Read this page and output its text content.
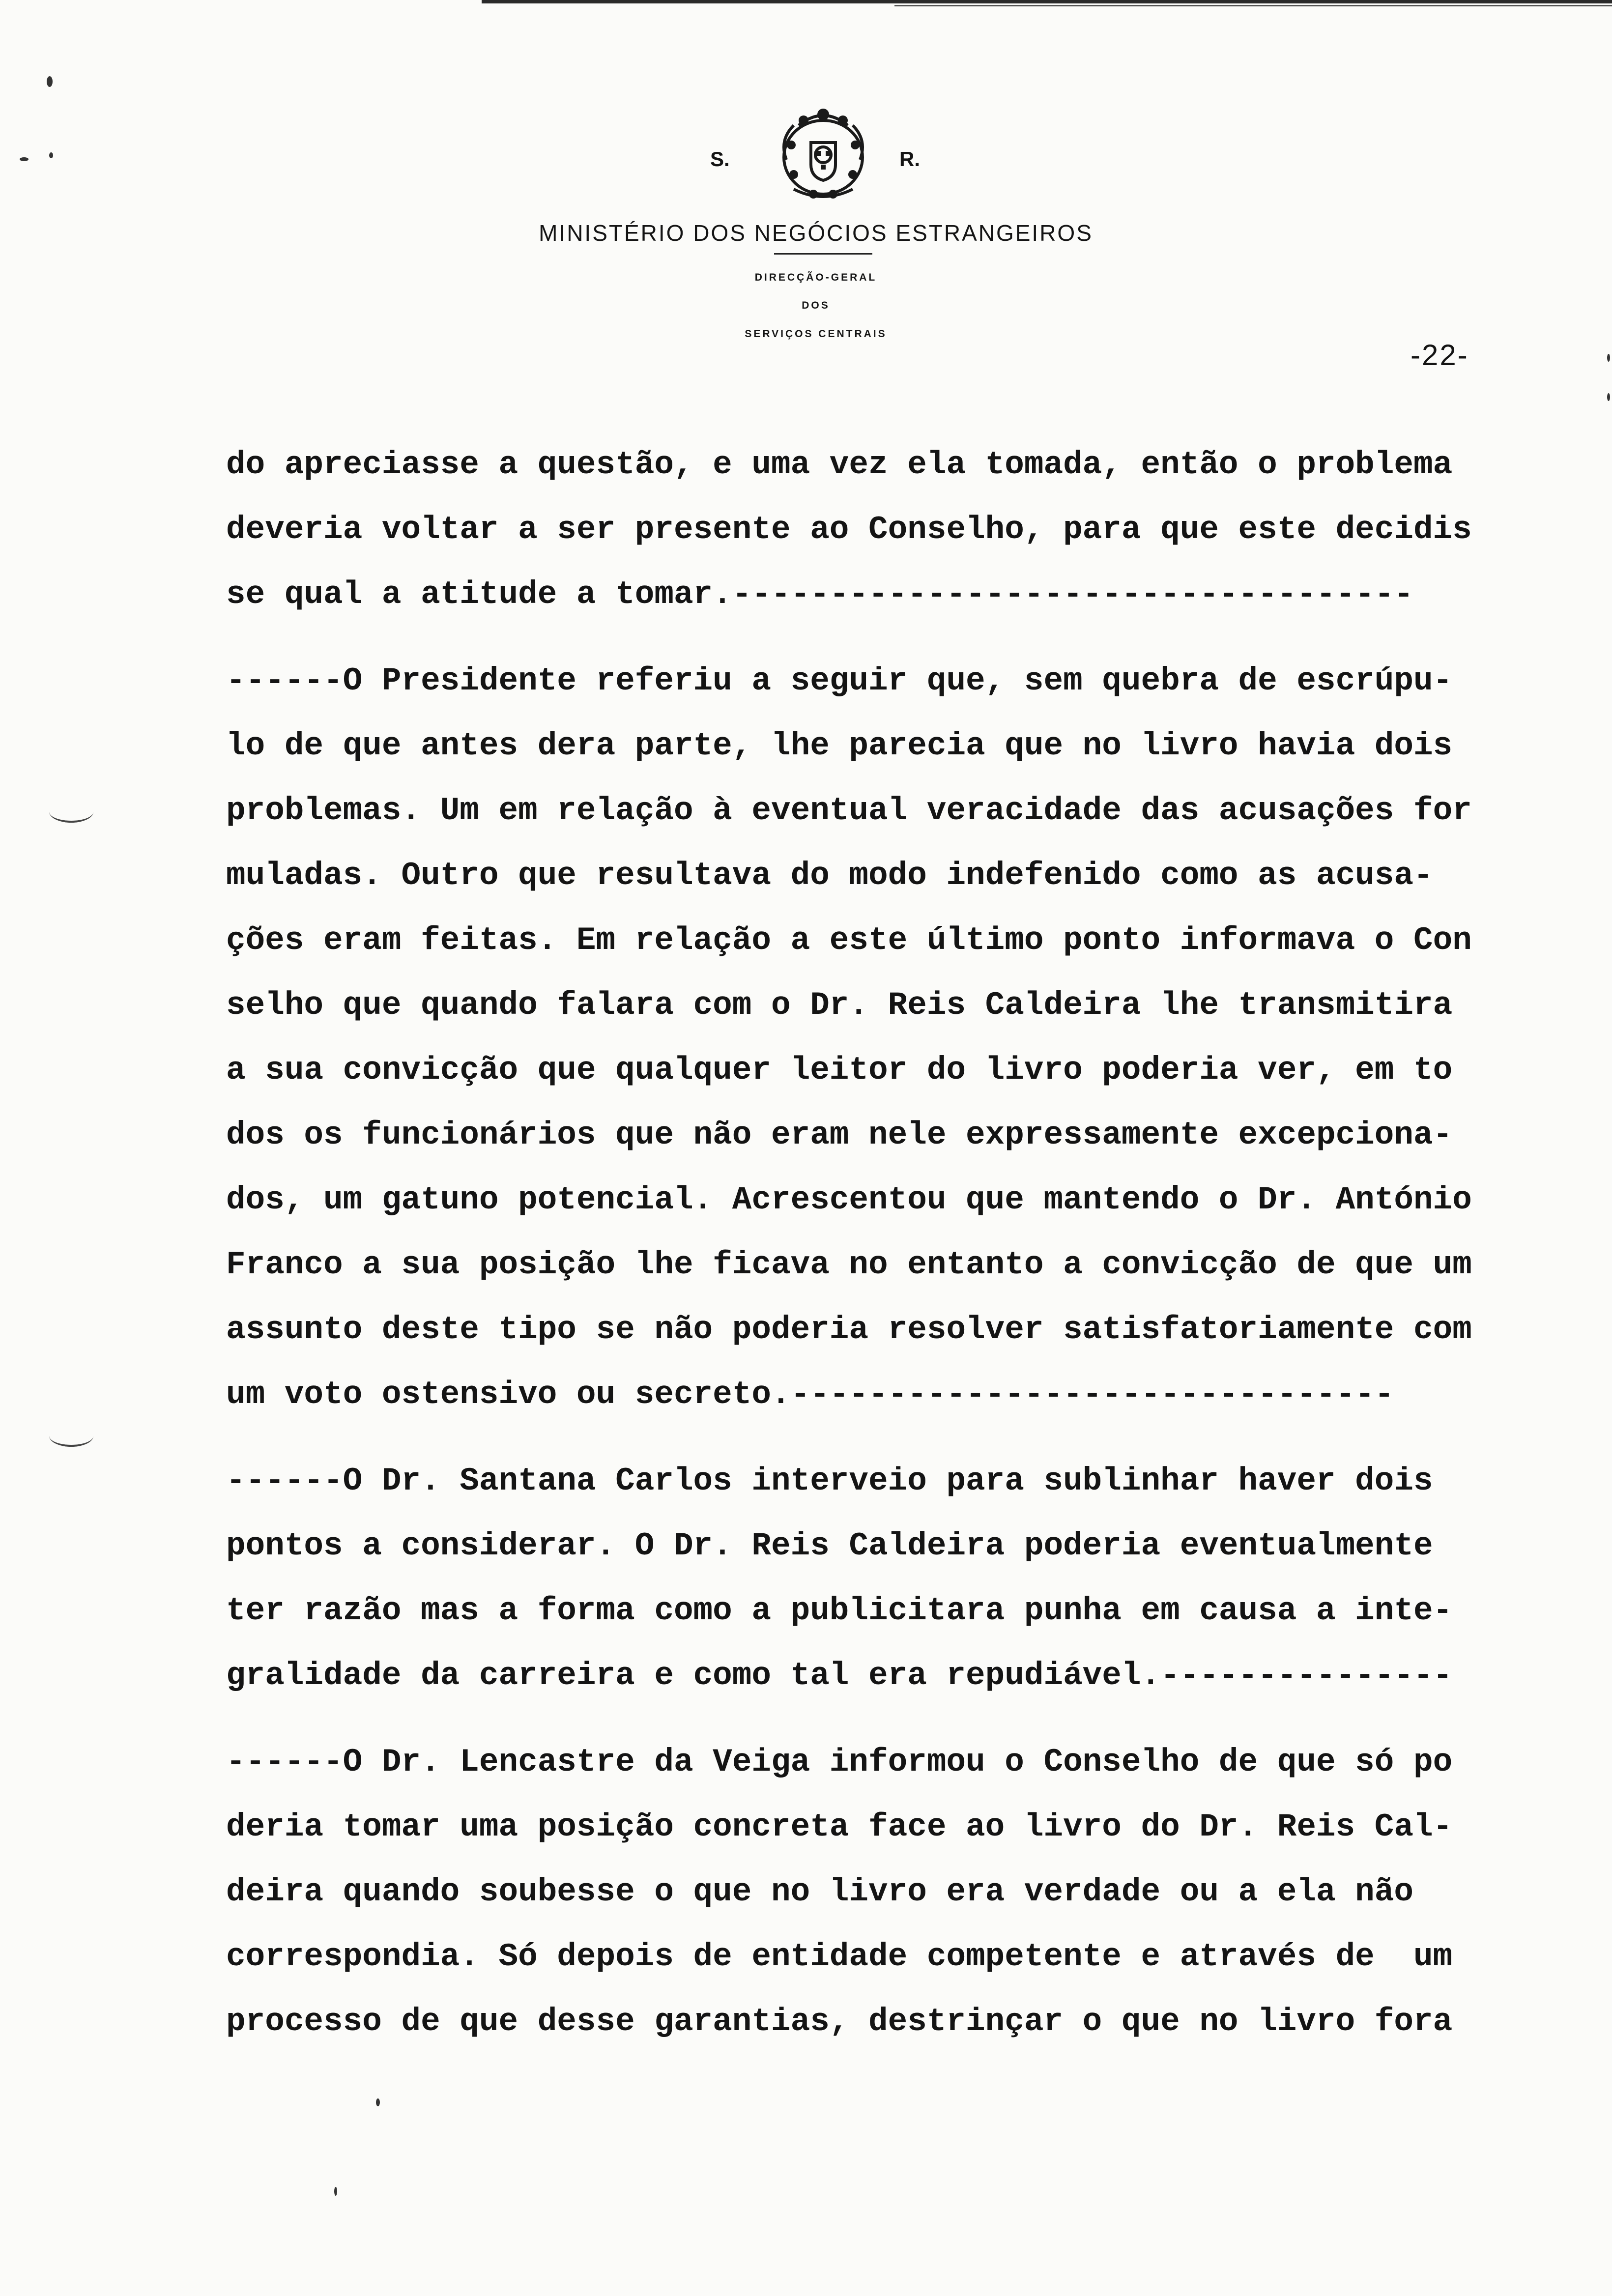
S.	R.
MINISTÉRIO DOS NEGÓCIOS ESTRANGEIROS
DIRECÇÃO-GERAL
DOS
SERVIÇOS CENTRAIS
-22-
do apreciasse a questão, e uma vez ela tomada, então o problema
deveria voltar a ser presente ao Conselho, para que este decidis
se qual a atitude a tomar.-----------------------------------
------O Presidente referiu a seguir que, sem quebra de escrúpu-
lo de que antes dera parte, lhe parecia que no livro havia dois
problemas. Um em relação à eventual veracidade das acusações for
muladas. Outro que resultava do modo indefenido como as acusa-
ções eram feitas. Em relação a este último ponto informava o Con
selho que quando falara com o Dr. Reis Caldeira lhe transmitira
a sua convicção que qualquer leitor do livro poderia ver, em to
dos os funcionários que não eram nele expressamente excepciona-
dos, um gatuno potencial. Acrescentou que mantendo o Dr. António
Franco a sua posição lhe ficava no entanto a convicção de que um
assunto deste tipo se não poderia resolver satisfatoriamente com
um voto ostensivo ou secreto.-------------------------------
------O Dr. Santana Carlos interveio para sublinhar haver dois
pontos a considerar. O Dr. Reis Caldeira poderia eventualmente
ter razão mas a forma como a publicitara punha em causa a inte-
gralidade da carreira e como tal era repudiável.---------------
------O Dr. Lencastre da Veiga informou o Conselho de que só po
deria tomar uma posição concreta face ao livro do Dr. Reis Cal-
deira quando soubesse o que no livro era verdade ou a ela não
correspondia. Só depois de entidade competente e através de  um
processo de que desse garantias, destrinçar o que no livro fora
